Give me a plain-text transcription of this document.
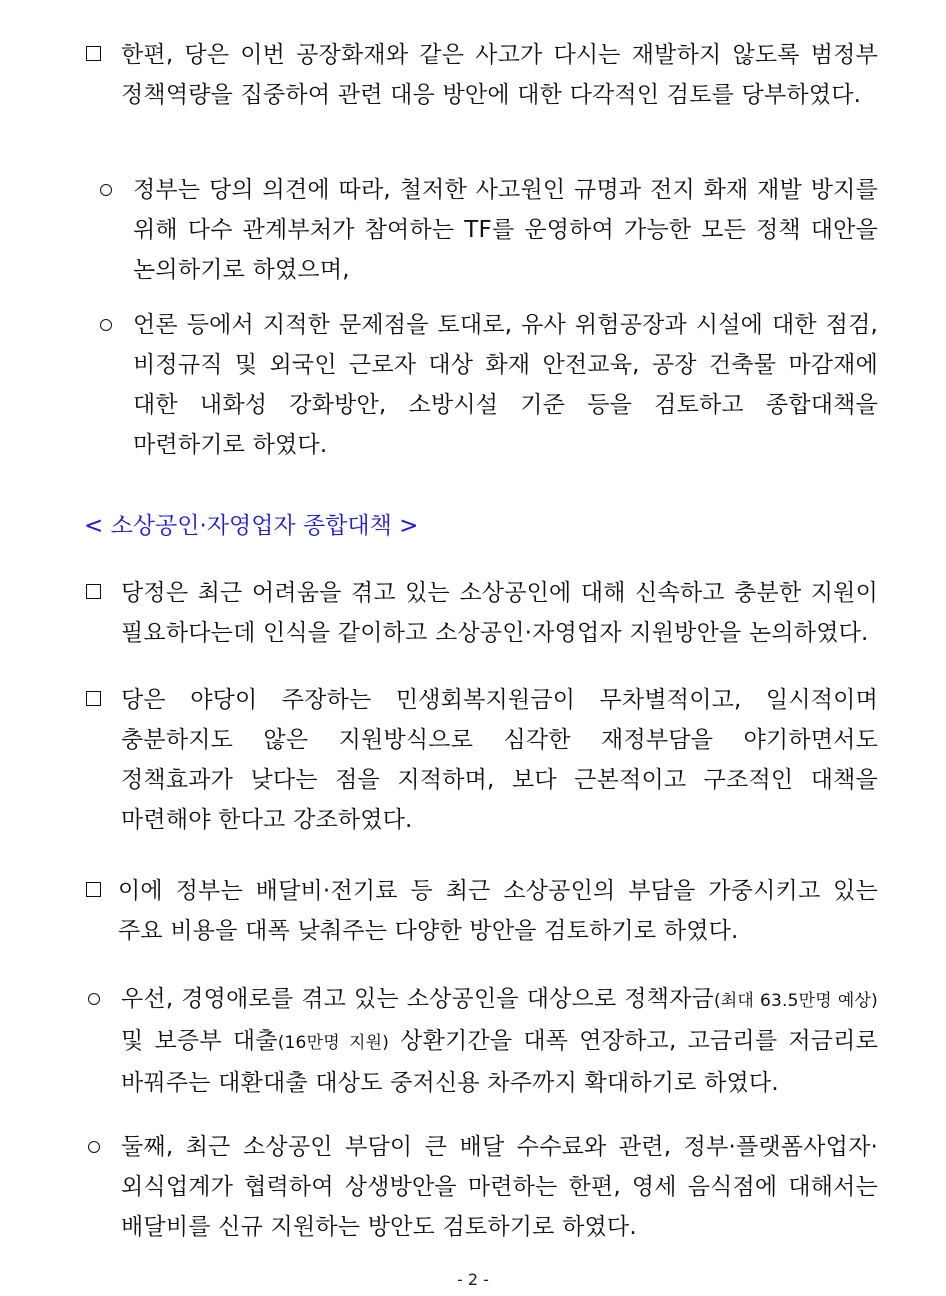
한편, 당은 이번 공장화재와 같은 사고가 다시는 재발하지 않도록 범정부 정책역량을 집중하여 관련 대응 방안에 대한 다각적인 검토를 당부하였다.
정부는 당의 의견에 따라, 철저한 사고원인 규명과 전지 화재 재발 방지를 위해 다수 관계부처가 참여하는 TF를 운영하여 가능한 모든 정책 대안을 논의하기로 하였으며,
언론 등에서 지적한 문제점을 토대로, 유사 위험공장과 시설에 대한 점검, 비정규직 및 외국인 근로자 대상 화재 안전교육, 공장 건축물 마감재에 대한 내화성 강화방안, 소방시설 기준 등을 검토하고 종합대책을 마련하기로 하였다.
< 소상공인·자영업자 종합대책 >
당정은 최근 어려움을 겪고 있는 소상공인에 대해 신속하고 충분한 지원이 필요하다는데 인식을 같이하고 소상공인·자영업자 지원방안을 논의하였다.
당은 야당이 주장하는 민생회복지원금이 무차별적이고, 일시적이며 충분하지도 않은 지원방식으로 심각한 재정부담을 야기하면서도 정책효과가 낮다는 점을 지적하며, 보다 근본적이고 구조적인 대책을 마련해야 한다고 강조하였다.
이에 정부는 배달비·전기료 등 최근 소상공인의 부담을 가중시키고 있는 주요 비용을 대폭 낮춰주는 다양한 방안을 검토하기로 하였다.
우선, 경영애로를 겪고 있는 소상공인을 대상으로 정책자금(최대 63.5만명 예상) 및 보증부 대출(16만명 지원) 상환기간을 대폭 연장하고, 고금리를 저금리로 바꿔주는 대환대출 대상도 중저신용 차주까지 확대하기로 하였다.
둘째, 최근 소상공인 부담이 큰 배달 수수료와 관련, 정부·플랫폼사업자·외식업계가 협력하여 상생방안을 마련하는 한편, 영세 음식점에 대해서는 배달비를 신규 지원하는 방안도 검토하기로 하였다.
- 2 -
